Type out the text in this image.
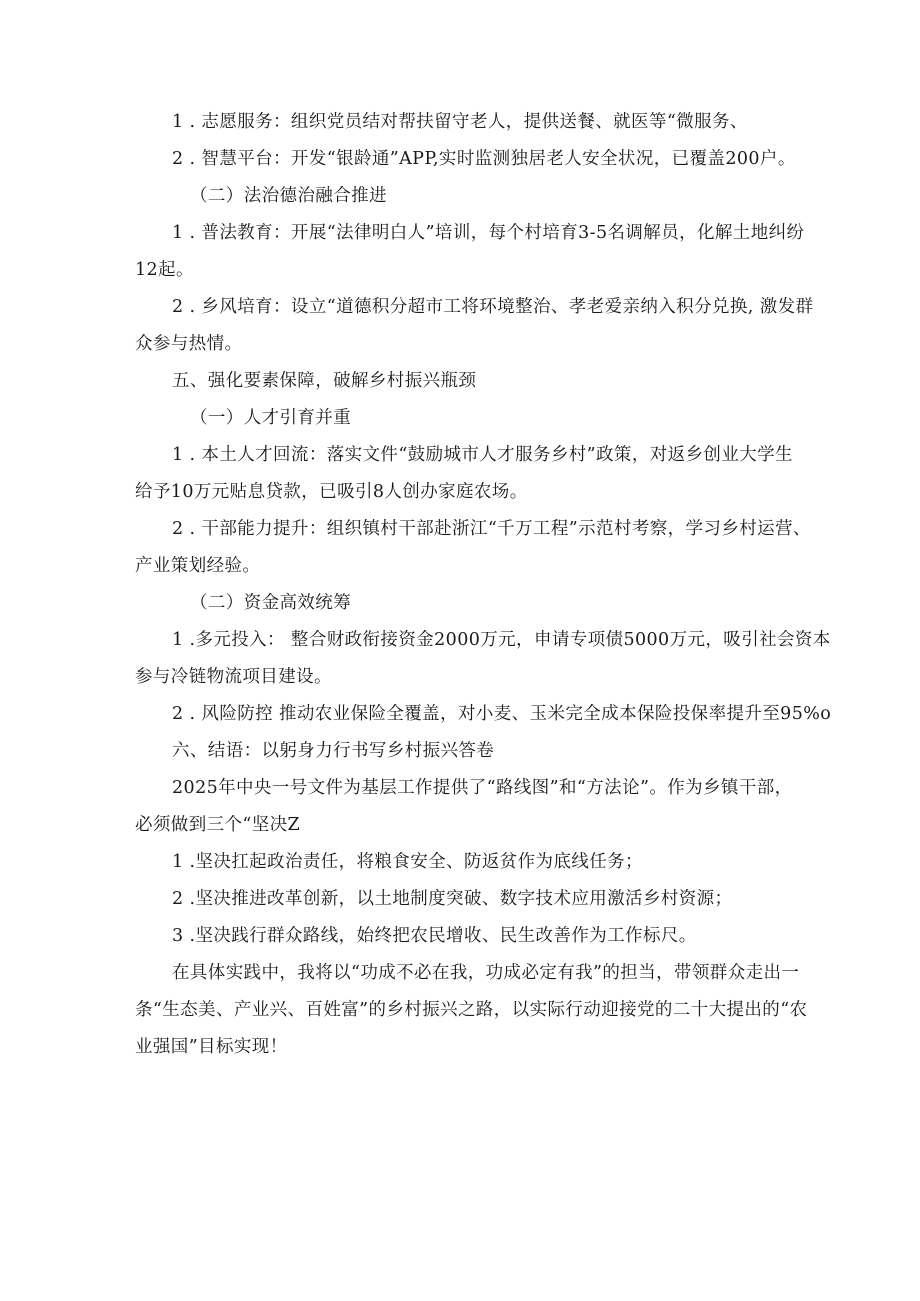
1 . 志愿服务：组织党员结对帮扶留守老人，提供送餐、就医等“微服务、
2 . 智慧平台：开发“银龄通”APP,实时监测独居老人安全状况，已覆盖200户。
（二）法治德治融合推进
1 . 普法教育：开展“法律明白人”培训，每个村培育3-5名调解员，化解土地纠纷
12起。
2 . 乡风培育：设立“道德积分超市工将环境整治、孝老爱亲纳入积分兑换, 激发群
众参与热情。
五、强化要素保障，破解乡村振兴瓶颈
（一）人才引育并重
1 . 本土人才回流：落实文件“鼓励城市人才服务乡村”政策，对返乡创业大学生
给予10万元贴息贷款，已吸引8人创办家庭农场。
2 . 干部能力提升：组织镇村干部赴浙江“千万工程”示范村考察，学习乡村运营、
产业策划经验。
（二）资金高效统筹
1 .多元投入： 整合财政衔接资金2000万元，申请专项债5000万元，吸引社会资本
参与冷链物流项目建设。
2 . 风险防控 推动农业保险全覆盖，对小麦、玉米完全成本保险投保率提升至95%o
六、结语：以躬身力行书写乡村振兴答卷
2025年中央一号文件为基层工作提供了“路线图”和“方法论”。作为乡镇干部，
必须做到三个“坚决Z
1 .坚决扛起政治责任，将粮食安全、防返贫作为底线任务；
2 .坚决推进改革创新，以土地制度突破、数字技术应用激活乡村资源；
3 .坚决践行群众路线，始终把农民增收、民生改善作为工作标尺。
在具体实践中，我将以“功成不必在我，功成必定有我”的担当，带领群众走出一
条“生态美、产业兴、百姓富”的乡村振兴之路，以实际行动迎接党的二十大提出的“农
业强国”目标实现！
